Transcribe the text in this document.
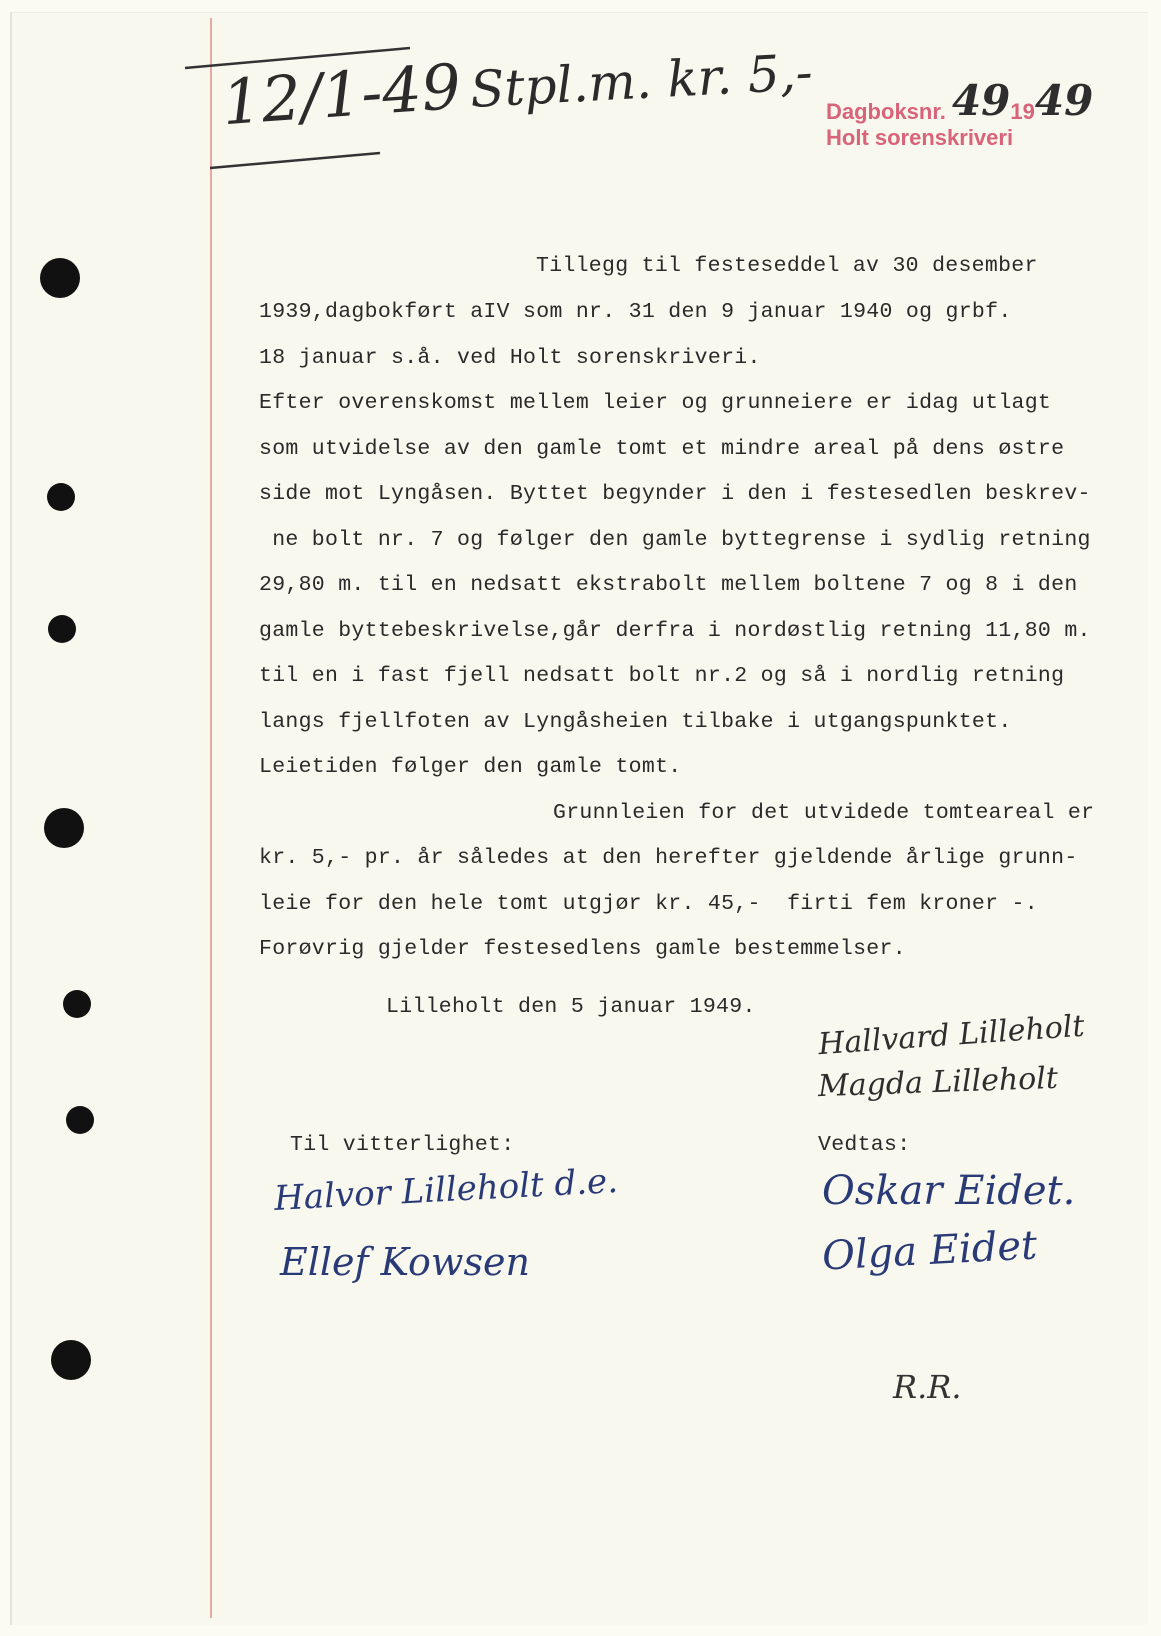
12/1-49 Stpl.m. kr. 5,- Dagboksnr. 491949
Holt sorenskriveri
Tillegg til festeseddel av 30 desember
1939,dagbokført aIV som nr. 31 den 9 januar 1940 og grbf.
18 januar s.å. ved Holt sorenskriveri.
Efter overenskomst mellem leier og grunneiere er idag utlagt
som utvidelse av den gamle tomt et mindre areal på dens østre
side mot Lyngåsen. Byttet begynder i den i festesedlen beskrev-
ne bolt nr. 7 og følger den gamle byttegrense i sydlig retning
29,80 m. til en nedsatt ekstrabolt mellem boltene 7 og 8 i den
gamle byttebeskrivelse,går derfra i nordøstlig retning 11,80 m.
til en i fast fjell nedsatt bolt nr.2 og så i nordlig retning
langs fjellfoten av Lyngåsheien tilbake i utgangspunktet.
Leietiden følger den gamle tomt.
Grunnleien for det utvidede tomteareal er
kr. 5,- pr. år således at den herefter gjeldende årlige grunn-
leie for den hele tomt utgjør kr. 45,-  firti fem kroner -.
Forøvrig gjelder festesedlens gamle bestemmelser.
Lilleholt den 5 januar 1949.
Hallvard Lilleholt
Magda Lilleholt
Til vitterlighet:
Halvor Lilleholt d.e.
Ellef Kowsen
Vedtas:
Oskar Eidet.
Olga Eidet
R.R.
